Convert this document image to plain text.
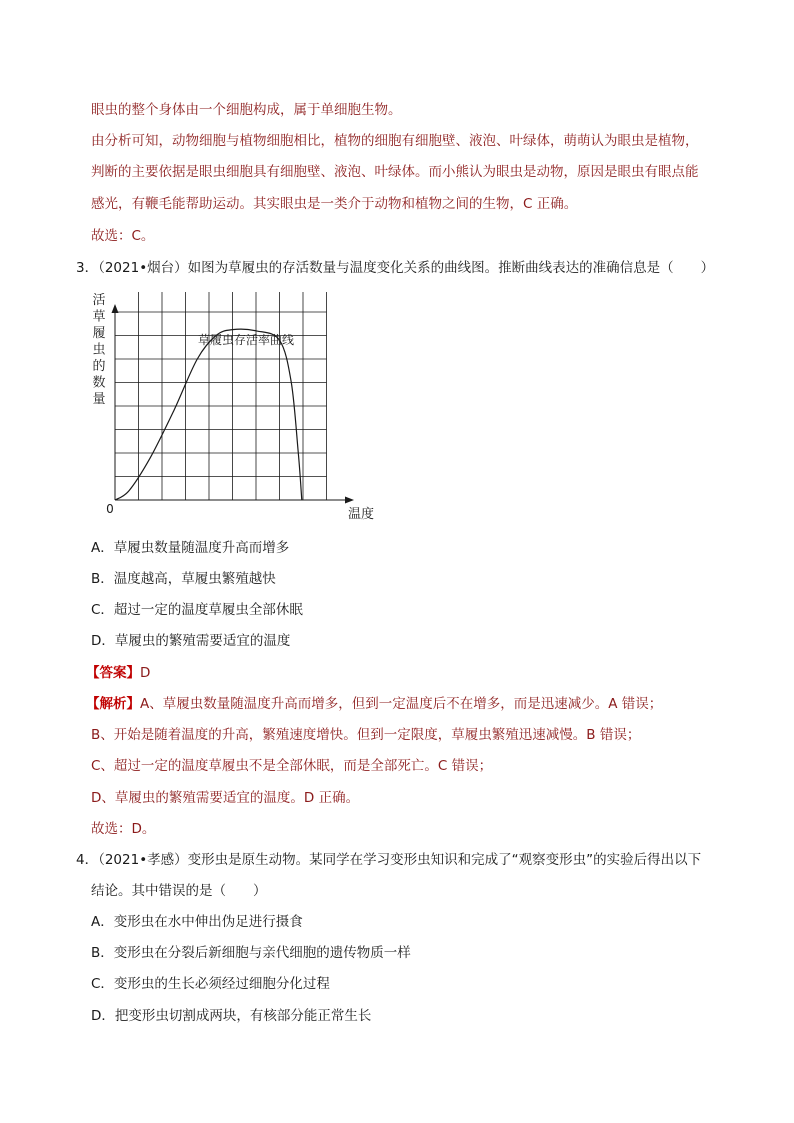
眼虫的整个身体由一个细胞构成，属于单细胞生物。
由分析可知，动物细胞与植物细胞相比，植物的细胞有细胞壁、液泡、叶绿体，萌萌认为眼虫是植物，
判断的主要依据是眼虫细胞具有细胞壁、液泡、叶绿体。而小熊认为眼虫是动物，原因是眼虫有眼点能
感光，有鞭毛能帮助运动。其实眼虫是一类介于动物和植物之间的生物，C 正确。
故选：C。
3．（2021•烟台）如图为草履虫的存活数量与温度变化关系的曲线图。推断曲线表达的准确信息是（　　）
活
草
履
虫
的
数
量
草履虫存活率曲线
0	温度
A．草履虫数量随温度升高而增多
B．温度越高，草履虫繁殖越快
C．超过一定的温度草履虫全部休眠
D．草履虫的繁殖需要适宜的温度
【答案】D
【解析】A、草履虫数量随温度升高而增多，但到一定温度后不在增多，而是迅速减少。A 错误；
B、开始是随着温度的升高，繁殖速度增快。但到一定限度，草履虫繁殖迅速减慢。B 错误；
C、超过一定的温度草履虫不是全部休眠，而是全部死亡。C 错误；
D、草履虫的繁殖需要适宜的温度。D 正确。
故选：D。
4．（2021•孝感）变形虫是原生动物。某同学在学习变形虫知识和完成了“观察变形虫”的实验后得出以下
结论。其中错误的是（　　）
A．变形虫在水中伸出伪足进行摄食
B．变形虫在分裂后新细胞与亲代细胞的遗传物质一样
C．变形虫的生长必须经过细胞分化过程
D．把变形虫切割成两块，有核部分能正常生长
